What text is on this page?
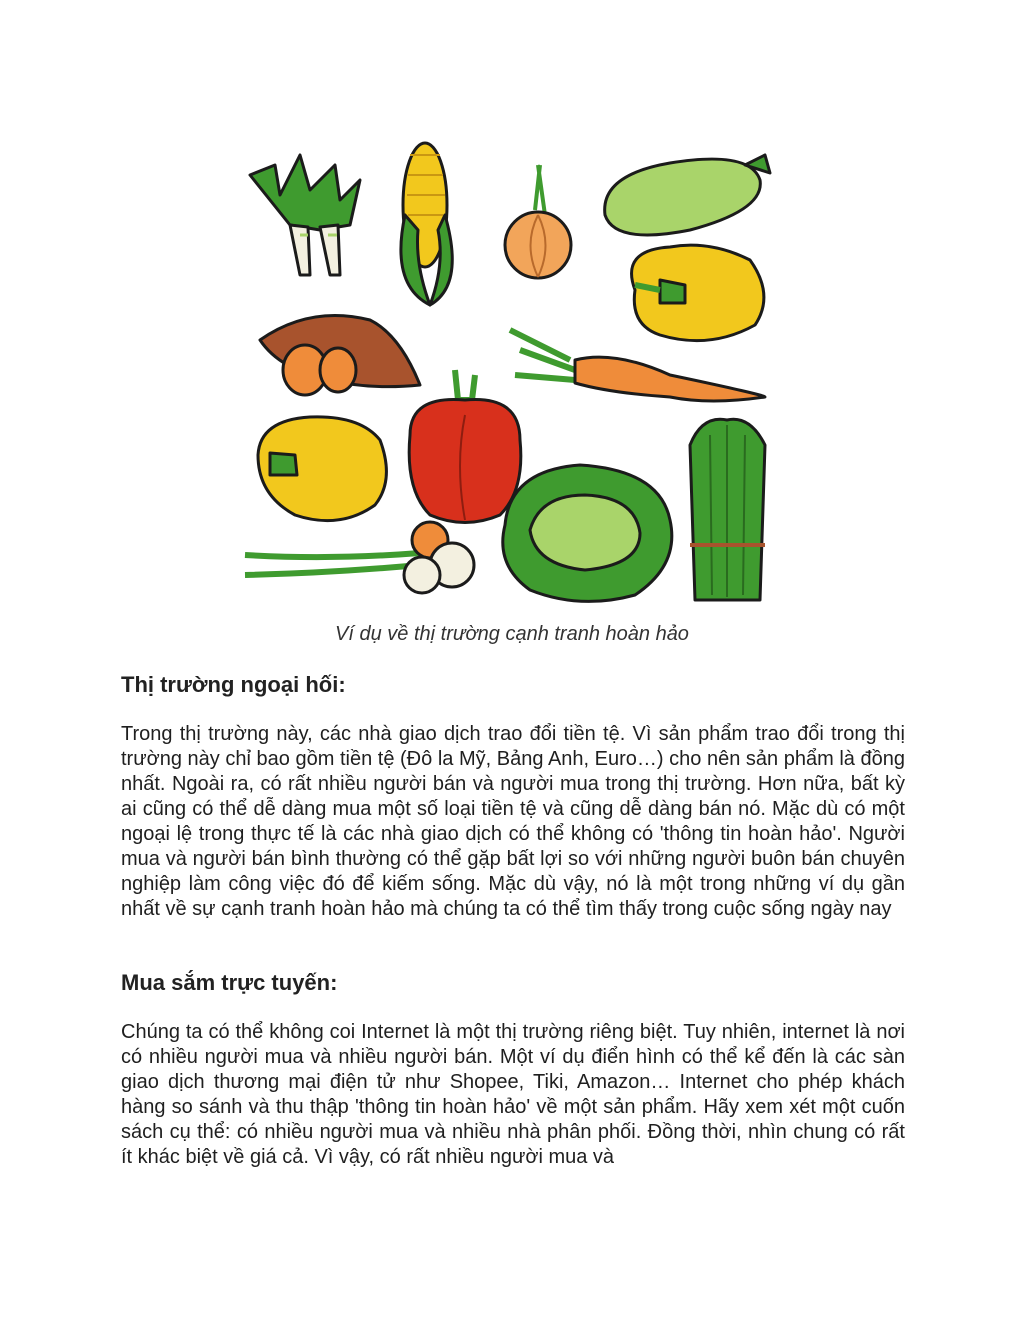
Ví dụ về thị trường cạnh tranh hoàn hảo
Thị trường ngoại hối:

Trong thị trường này, các nhà giao dịch trao đổi tiền tệ. Vì sản phẩm trao đổi trong thị trường này chỉ bao gồm tiền tệ (Đô la Mỹ, Bảng Anh, Euro…) cho nên sản phẩm là đồng nhất. Ngoài ra, có rất nhiều người bán và người mua trong thị trường. Hơn nữa, bất kỳ ai cũng có thể dễ dàng mua một số loại tiền tệ và cũng dễ dàng bán nó. Mặc dù có một ngoại lệ trong thực tế là các nhà giao dịch có thể không có 'thông tin hoàn hảo'. Người mua và người bán bình thường có thể gặp bất lợi so với những người buôn bán chuyên nghiệp làm công việc đó để kiếm sống. Mặc dù vậy, nó là một trong những ví dụ gần nhất về sự cạnh tranh hoàn hảo mà chúng ta có thể tìm thấy trong cuộc sống ngày nay

Mua sắm trực tuyến:

Chúng ta có thể không coi Internet là một thị trường riêng biệt. Tuy nhiên, internet là nơi có nhiều người mua và nhiều người bán. Một ví dụ điển hình có thể kể đến là các sàn giao dịch thương mại điện tử như Shopee, Tiki, Amazon… Internet cho phép khách hàng so sánh và thu thập 'thông tin hoàn hảo' về một sản phẩm. Hãy xem xét một cuốn sách cụ thể: có nhiều người mua và nhiều nhà phân phối. Đồng thời, nhìn chung có rất ít khác biệt về giá cả. Vì vậy, có rất nhiều người mua và
